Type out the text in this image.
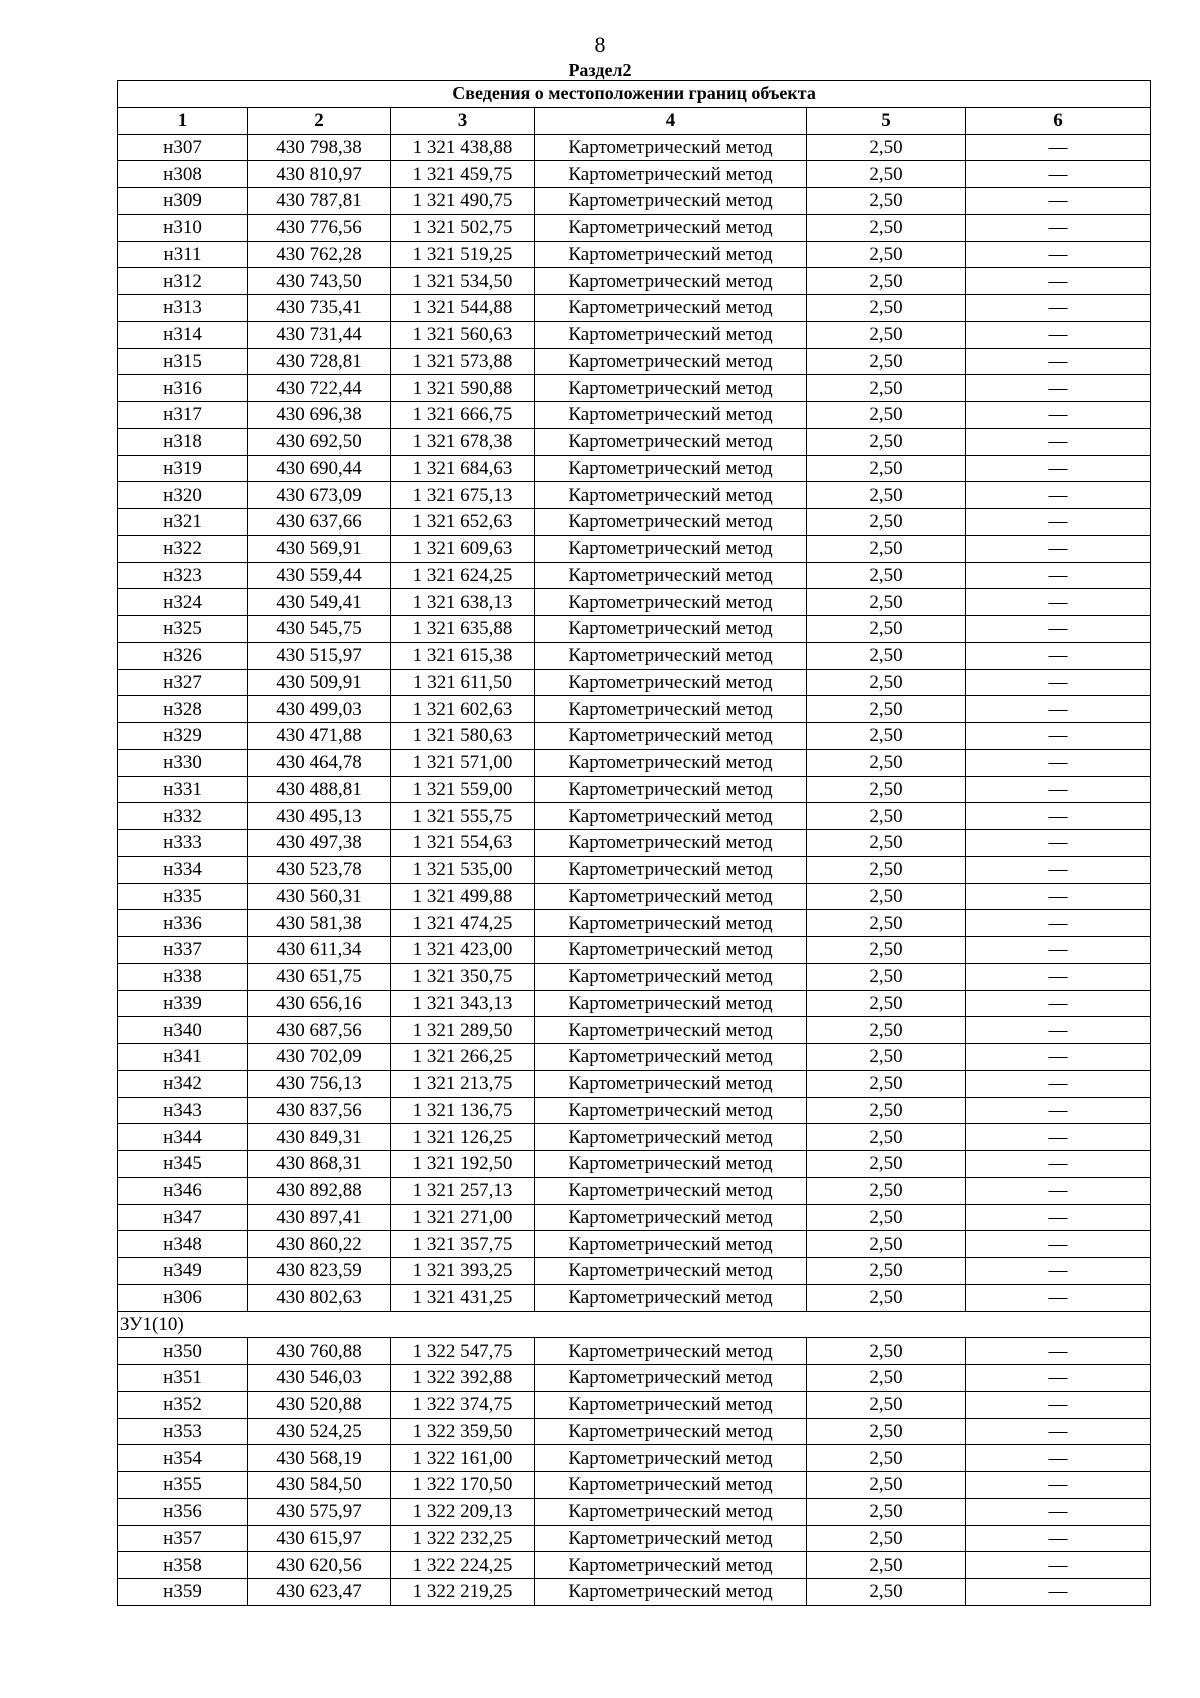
8
Раздел2
Сведения о местоположении границ объекта					
1	2	3	4	5	6
н307	430 798,38	1 321 438,88	Картометрический метод	2,50	—
н308	430 810,97	1 321 459,75	Картометрический метод	2,50	—
н309	430 787,81	1 321 490,75	Картометрический метод	2,50	—
н310	430 776,56	1 321 502,75	Картометрический метод	2,50	—
н311	430 762,28	1 321 519,25	Картометрический метод	2,50	—
н312	430 743,50	1 321 534,50	Картометрический метод	2,50	—
н313	430 735,41	1 321 544,88	Картометрический метод	2,50	—
н314	430 731,44	1 321 560,63	Картометрический метод	2,50	—
н315	430 728,81	1 321 573,88	Картометрический метод	2,50	—
н316	430 722,44	1 321 590,88	Картометрический метод	2,50	—
н317	430 696,38	1 321 666,75	Картометрический метод	2,50	—
н318	430 692,50	1 321 678,38	Картометрический метод	2,50	—
н319	430 690,44	1 321 684,63	Картометрический метод	2,50	—
н320	430 673,09	1 321 675,13	Картометрический метод	2,50	—
н321	430 637,66	1 321 652,63	Картометрический метод	2,50	—
н322	430 569,91	1 321 609,63	Картометрический метод	2,50	—
н323	430 559,44	1 321 624,25	Картометрический метод	2,50	—
н324	430 549,41	1 321 638,13	Картометрический метод	2,50	—
н325	430 545,75	1 321 635,88	Картометрический метод	2,50	—
н326	430 515,97	1 321 615,38	Картометрический метод	2,50	—
н327	430 509,91	1 321 611,50	Картометрический метод	2,50	—
н328	430 499,03	1 321 602,63	Картометрический метод	2,50	—
н329	430 471,88	1 321 580,63	Картометрический метод	2,50	—
н330	430 464,78	1 321 571,00	Картометрический метод	2,50	—
н331	430 488,81	1 321 559,00	Картометрический метод	2,50	—
н332	430 495,13	1 321 555,75	Картометрический метод	2,50	—
н333	430 497,38	1 321 554,63	Картометрический метод	2,50	—
н334	430 523,78	1 321 535,00	Картометрический метод	2,50	—
н335	430 560,31	1 321 499,88	Картометрический метод	2,50	—
н336	430 581,38	1 321 474,25	Картометрический метод	2,50	—
н337	430 611,34	1 321 423,00	Картометрический метод	2,50	—
н338	430 651,75	1 321 350,75	Картометрический метод	2,50	—
н339	430 656,16	1 321 343,13	Картометрический метод	2,50	—
н340	430 687,56	1 321 289,50	Картометрический метод	2,50	—
н341	430 702,09	1 321 266,25	Картометрический метод	2,50	—
н342	430 756,13	1 321 213,75	Картометрический метод	2,50	—
н343	430 837,56	1 321 136,75	Картометрический метод	2,50	—
н344	430 849,31	1 321 126,25	Картометрический метод	2,50	—
н345	430 868,31	1 321 192,50	Картометрический метод	2,50	—
н346	430 892,88	1 321 257,13	Картометрический метод	2,50	—
н347	430 897,41	1 321 271,00	Картометрический метод	2,50	—
н348	430 860,22	1 321 357,75	Картометрический метод	2,50	—
н349	430 823,59	1 321 393,25	Картометрический метод	2,50	—
н306	430 802,63	1 321 431,25	Картометрический метод	2,50	—
ЗУ1(10)					
н350	430 760,88	1 322 547,75	Картометрический метод	2,50	—
н351	430 546,03	1 322 392,88	Картометрический метод	2,50	—
н352	430 520,88	1 322 374,75	Картометрический метод	2,50	—
н353	430 524,25	1 322 359,50	Картометрический метод	2,50	—
н354	430 568,19	1 322 161,00	Картометрический метод	2,50	—
н355	430 584,50	1 322 170,50	Картометрический метод	2,50	—
н356	430 575,97	1 322 209,13	Картометрический метод	2,50	—
н357	430 615,97	1 322 232,25	Картометрический метод	2,50	—
н358	430 620,56	1 322 224,25	Картометрический метод	2,50	—
н359	430 623,47	1 322 219,25	Картометрический метод	2,50	—
